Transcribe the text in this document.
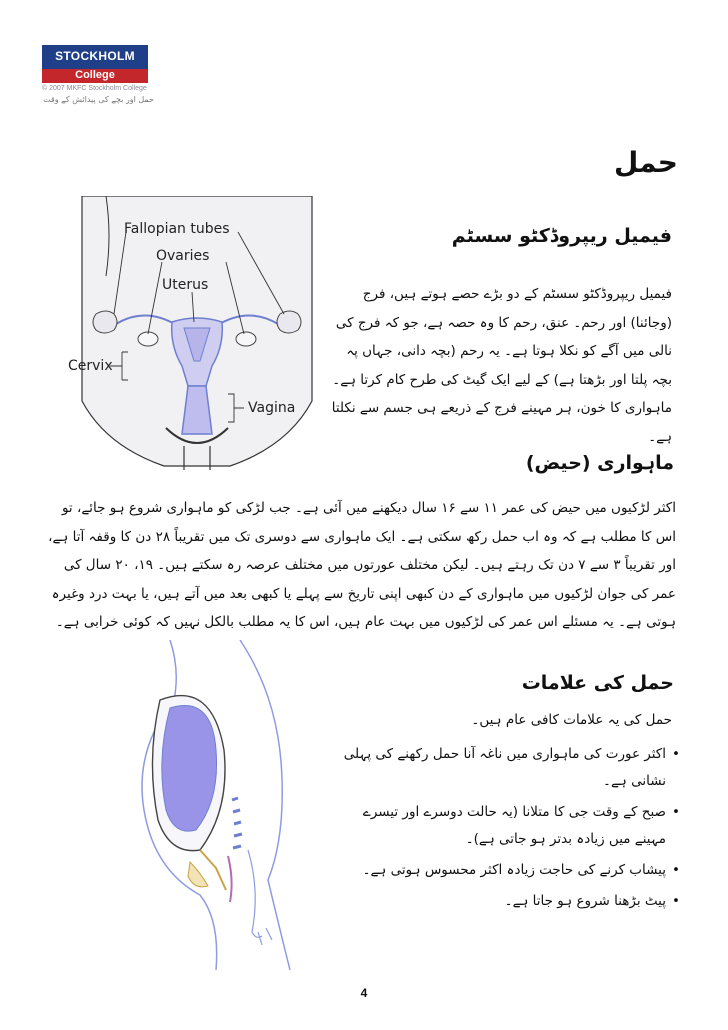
STOCKHOLM
College
© 2007 MKFC Stockholm College
حمل اور بچے کی پیدائش کے وقت
حمل
Fallopian tubes
Ovaries
Uterus
Cervix
Vagina
فیمیل ریپروڈکٹو سسٹم
فیمیل ریپروڈکٹو سسٹم کے دو بڑے حصے ہوتے ہیں، فرج (وجائنا) اور رحم۔ عنق، رحم کا وہ حصہ ہے، جو کہ فرج کی نالی میں آگے کو نکلا ہوتا ہے۔ یہ رحم (بچہ دانی، جہاں پہ بچہ پلتا اور بڑھتا ہے) کے لیے ایک گیٹ کی طرح کام کرتا ہے۔ ماہواری کا خون، ہر مہینے فرج کے ذریعے ہی جسم سے نکلتا ہے۔
ماہواری (حیض)
اکثر لڑکیوں میں حیض کی عمر ۱۱ سے ۱۶ سال دیکھنے میں آئی ہے۔ جب لڑکی کو ماہواری شروع ہو جائے، تو اس کا مطلب ہے کہ وہ اب حمل رکھ سکتی ہے۔ ایک ماہواری سے دوسری تک میں تقریباً ۲۸ دن کا وقفہ آتا ہے، اور تقریباً ۳ سے ۷ دن تک رہتے ہیں۔ لیکن مختلف عورتوں میں مختلف عرصہ رہ سکتے ہیں۔ ۱۹، ۲۰ سال کی عمر کی جوان لڑکیوں میں ماہواری کے دن کبھی اپنی تاریخ سے پہلے یا کبھی بعد میں آتے ہیں، یا بہت درد وغیرہ ہوتی ہے۔ یہ مسئلے اس عمر کی لڑکیوں میں بہت عام ہیں، اس کا یہ مطلب بالکل نہیں کہ کوئی خرابی ہے۔
حمل کی علامات
حمل کی یہ علامات کافی عام ہیں۔
• اکثر عورت کی ماہواری میں ناغہ آنا حمل رکھنے کی پہلی نشانی ہے۔
• صبح کے وقت جی کا متلانا (یہ حالت دوسرے اور تیسرے مہینے میں زیادہ بدتر ہو جاتی ہے)۔
• پیشاب کرنے کی حاجت زیادہ اکثر محسوس ہوتی ہے۔
• پیٹ بڑھنا شروع ہو جاتا ہے۔
4
